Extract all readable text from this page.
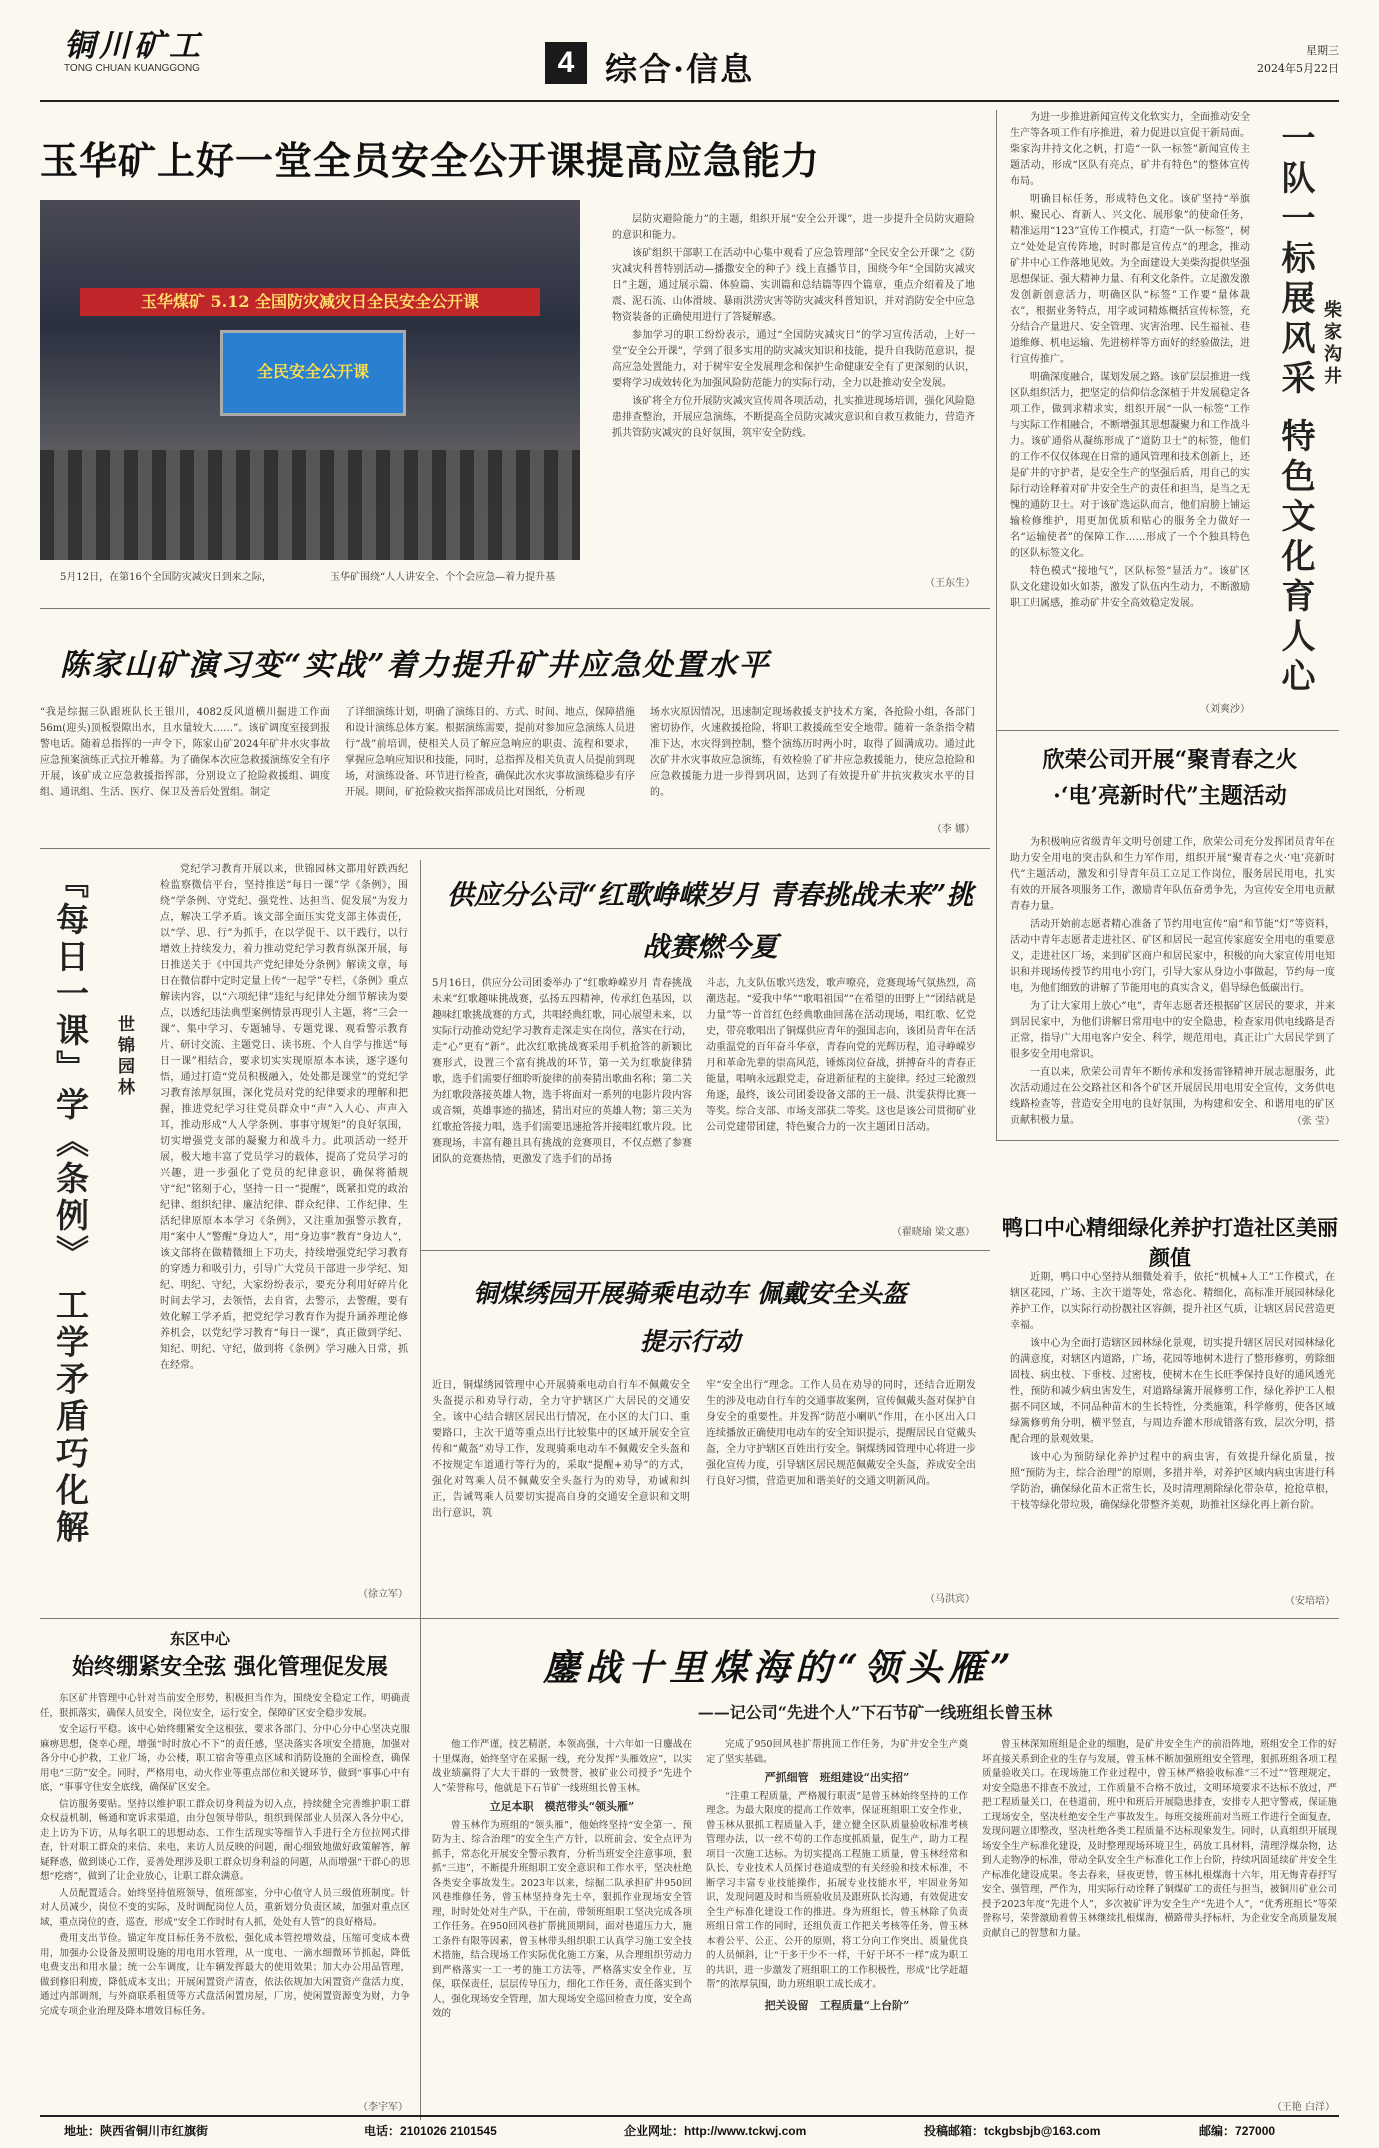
铜川矿工
TONG CHUAN KUANGGONG	4 综合·信息	星期三
2024年5月22日
玉华矿上好一堂全员安全公开课提高应急能力
玉华煤矿 5.12 全国防灾减灾日全民安全公开课
全民安全公开课
5月12日，在第16个全国防灾减灾日到来之际，	玉华矿围绕“人人讲安全、个个会应急—着力提升基

层防灾避险能力”的主题，组织开展“安全公开课”，进一步提升全员防灾避险的意识和能力。

该矿组织干部职工在活动中心集中观看了应急管理部“全民安全公开课”之《防灾减灾科普特别活动—播撒安全的种子》线上直播节目，围绕今年“全国防灾减灾日”主题，通过展示篇、体验篇、实训篇和总结篇等四个篇章，重点介绍着及了地震、泥石流、山体滑坡、暴雨洪涝灾害等防灾减灾科普知识，并对消防安全中应急物资装备的正确使用进行了答疑解惑。

参加学习的职工纷纷表示，通过“全国防灾减灾日”的学习宣传活动，上好一堂“安全公开课”，学到了很多实用的防灾减灾知识和技能，提升自我防范意识，提高应急处置能力，对于树牢安全发展理念和保护生命健康安全有了更深刻的认识，要将学习成效转化为加强风险防范能力的实际行动，全力以赴推动安全发展。

该矿将全方位开展防灾减灾宣传周各项活动，扎实推进现场培训，强化风险隐患排查整治，开展应急演练，不断提高全员防灾减灾意识和自救互救能力，营造齐抓共管防灾减灾的良好氛围，筑牢安全防线。

（王东生）

为进一步推进新闻宣传文化软实力，全面推动安全生产等各项工作有序推进，着力促进以宣促干新局面。柴家沟井持文化之帆，打造“一队一标签”新闻宣传主题活动，形成“区队有亮点，矿井有特色”的整体宣传布局。

明确目标任务，形成特色文化。该矿坚持“举旗帜、聚民心、育新人、兴文化、展形象”的使命任务，精准运用“123”宣传工作模式，打造“一队一标签”，树立“处处是宣传阵地，时时都是宣传点”的理念，推动矿井中心工作落地见效。为全面建设大美柴沟提供坚强思想保证、强大精神力量、有利文化条件。立足激发激发创新创意活力，明确区队“标签”工作要“量体裁衣”，根据业务特点，用字或词精炼概括宣传标签，充分结合产量进尺、安全管理、灾害治理、民生福祉、巷道维修、机电运输、先进榜样等方面好的经验做法，进行宣传推广。

明确深度融合，谋划发展之路。该矿层层推进一线区队组织活力，把坚定的信仰信念深植于井发展稳定各项工作，做到求精求实，组织开展“一队一标签”工作与实际工作相融合，不断增强其思想凝聚力和工作战斗力。该矿通俗从凝练形成了“道防卫士”的标签，他们的工作不仅仅体现在日常的通风管理和技术创新上，还是矿井的守护者，是安全生产的坚强后盾，用自己的实际行动诠释着对矿井安全生产的责任和担当，是当之无愧的通防卫士。对于该矿选运队而言，他们肩膀上铺运输检修维护，用更加优质和贴心的服务全力做好一名“运输使者”的保障工作……形成了一个个独具特色的区队标签文化。

特色模式“接地气”，区队标签“显活力”。该矿区队文化建设如火如荼，激发了队伍内生动力，不断激励职工归属感，推动矿井安全高效稳定发展。

（刘爽沙）
一队一标展风采 特色文化育人心 柴家沟井
陈家山矿演习变“实战”着力提升矿井应急处置水平
“我是综掘三队跟班队长王银川，4082反风道横川掘进工作面56m(迎头)顶板裂隙出水，且水量较大……”。该矿调度室接到报警电话。随着总指挥的一声令下，陈家山矿2024年矿井水灾事故应急预案演练正式拉开帷幕。为了确保本次应急救援演练安全有序开展，该矿成立应急救援指挥部，分别设立了抢险救援组、调度组、通讯组、生活、医疗、保卫及善后处置组。制定
了详细演练计划，明确了演练目的、方式、时间、地点，保障措施和设计演练总体方案。根据演练需要，提前对参加应急演练人员进行“战”前培训，使相关人员了解应急响应的职责、流程和要求，掌握应急响应知识和技能，同时，总指挥及相关负责人员提前到现场，对演练设备、环节进行检查，确保此次水灾事故演练稳步有序开展。期间，矿抢险救灾指挥部成员比对图纸，分析现
场水灾原因情况，迅速制定现场救援支护技术方案，各抢险小组，各部门密切协作，火速救援抢险，将职工救援疏至安全地带。随着一条条指令精准下达，水灾得到控制，整个演练历时两小时，取得了圆满成功。通过此次矿井水灾事故应急演练，有效检验了矿井应急救援能力，使应急抢险和应急救援能力进一步得到巩固，达到了有效提升矿井抗灾救灾水平的目的。
（李 娜）
欣荣公司开展“聚青春之火·‘电’亮新时代”主题活动

为积极响应省级青年文明号创建工作，欣荣公司充分发挥团员青年在助力安全用电的突击队和生力军作用，组织开展“聚青春之火·‘电’亮新时代”主题活动，激发和引导青年员工立足工作岗位，服务居民用电，扎实有效的开展各项服务工作，激励青年队伍奋勇争先，为宣传安全用电贡献青春力量。

活动开始前志愿者精心准备了节约用电宣传“扇”和节能“灯”等资料，活动中青年志愿者走进社区、矿区和居民一起宣传家庭安全用电的重要意义，走进社区厂场，来到矿区商户和居民家中，积极的向大家宣传用电知识和并现场传授节约用电小窍门，引导大家从身边小事做起，节约每一度电，为他们细致的讲解了节能用电的真实含义，倡导绿色低碳出行。

为了让大家用上放心”电”，青年志愿者还根据矿区居民的要求，并来到居民家中，为他们讲解日常用电中的安全隐患，检查家用供电线路是否正常，指导广大用电客户安全、科学，规范用电，真正让广大居民学到了很多安全用电常识。

一直以来，欣荣公司青年不断传承和发扬雷锋精神开展志愿服务，此次活动通过在公交路社区和各个矿区开展居民用电用安全宣传，文务供电线路检查等，营造安全用电的良好氛围，为构建和安全、和谐用电的矿区贡献积极力量。	（张 莹）
『每日一课』学《条例》 工学矛盾巧化解 世锦园林
党纪学习教育开展以来，世锦园林文都用好跌西纪检监察微信平台，坚持推送“每日一课”学《条例》，围绕“学条例、守党纪、强党性、达担当、促发展”为发力点，解决工学矛盾。该文部全面压实党支部主体责任，以“学、思、行”为抓手，在以学促干、以干践行，以行增效上持续发力，着力推动党纪学习教育纵深开展，每日推送关于《中国共产党纪律处分条例》解读文章，每日在微信群中定时定量上传“一起学”专栏，《条例》重点解读内容，以“六项纪律”违纪与纪律处分细节解读为要点，以透纪违法典型案例情景再现引人主题，将“三会一课”、集中学习、专题辅导、专题党课、观看警示教育片、研讨交流、主题党日、读书班、个人自学与推送“每日一课”相结合，要求切实实现原原本本读，逐字逐句悟，通过打造“党员积极融入，处处都是课堂”的党纪学习教育浓厚氛围，深化党员对党的纪律要求的理解和把握，推进党纪学习往党员群众中“声”入人心、声声入耳，推动形成“人人学条例、事事守规矩”的良好氛围，切实增强党支部的凝聚力和战斗力。此项活动一经开展，极大地丰富了党员学习的载体，提高了党员学习的兴趣，进一步强化了党员的纪律意识，确保将循规守“纪”铭刻于心，坚持一日一“提醒”，既紧扣党的政治纪律、组织纪律、廉洁纪律、群众纪律、工作纪律、生活纪律原原本本学习《条例》，又注重加强警示教育，用“案中人”警醒“身边人”，用“身边事”教育“身边人”，该文部将在做精微细上下功夫，持续增强党纪学习教育的穿透力和吸引力，引导广大党员干部进一步学纪、知纪、明纪、守纪，大家纷纷表示，要充分利用好碎片化时间去学习，去领悟，去自省，去警示，去警醒，要有效化解工学矛盾，把党纪学习教育作为提升涵养理论修养机会，以党纪学习教育“每日一课”，真正做到学纪、知纪、明纪、守纪，做到将《条例》学习融入日常，抓在经常。
（徐立军）
供应分公司“红歌峥嵘岁月 青春挑战未来”挑战赛燃今夏
5月16日，供应分公司团委举办了“红歌峥嵘岁月 青春挑战未来”红歌趣味挑战赛，弘扬五四精神，传承红色基因，以趣味红歌挑战赛的方式，共唱经典红歌，同心展望未来，以实际行动推动党纪学习教育走深走实在岗位，落实在行动，走“心”更有“新”。此次红歌挑战赛采用手机抢答的新颖比赛形式，设置三个富有挑战的环节，第一关为红歌旋律猜歌，选手们需要仔细聆听旋律的前奏猜出歌曲名称；第二关为红歌段落接英雄人物，选手将面对一系列的电影片段内容或音频，英雄事迹的描述，猜出对应的英雄人物；第三关为红歌抢答接力唱，选手们需要迅速抢答并接唱红歌片段。比赛现场，丰富有趣且具有挑战的竞赛项目，不仅点燃了参赛团队的竞赛热情，更激发了选手们的昂扬
斗志，九支队伍歌兴迭发，歌声嘹亮，竞赛现场气氛热烈，高潮迭起。“爱我中华”“歌唱祖国”“在希望的田野上”“团结就是力量”等一首首红色经典歌曲回荡在活动现场，唱红歌、忆党史，带亮歌唱出了铜煤供应青年的强国志向，该团员青年在活动重温党的百年奋斗华章，青春向党的光辉历程，追寻峥嵘岁月和革命先辈的崇高风范，锤炼岗位奋战，拼搏奋斗的青春正能量，唱响永远跟党走，奋进新征程的主旋律。经过三轮激烈角逐，最终，该公司团委设备文部的王一晨、洪雯获得比赛一等奖。综合支部、市场支部获二等奖。这也是该公司贯彻矿业公司党建带团建，特色聚合力的一次主题团日活动。
（翟晓瑜 梁文惠）
铜煤绣园开展骑乘电动车 佩戴安全头盔提示行动
近日，铜煤绣园管理中心开展骑乘电动自行车不佩戴安全头盔提示和劝导行动，全力守护辖区广大居民的交通安全。该中心结合辖区居民出行情况，在小区的大门口、重要路口，主次干道等重点出行比较集中的区域开展安全宣传和“戴盔”劝导工作，发现骑乘电动车不佩戴安全头盔和不按规定车道通行等行为的，采取“提醒+劝导”的方式，强化对驾乘人员不佩戴安全头盔行为的劝导，劝诫和纠正，告诫驾乘人员要切实提高自身的交通安全意识和文明出行意识，筑
牢“安全出行”理念。工作人员在劝导的同时，还结合近期发生的涉及电动自行车的交通事故案例，宣传佩戴头盔对保护自身安全的重要性。并发挥“防范小喇叭”作用，在小区出入口连续播放正确使用电动车的安全知识提示，提醒居民自觉戴头盔，全力守护辖区百姓出行安全。铜煤绣园管理中心将进一步强化宣传力度，引导辖区居民规范佩戴安全头盔，养成安全出行良好习惯，营造更加和谐美好的交通文明新风尚。
（马洪宾）
鸭口中心精细绿化养护打造社区美丽颜值

近期，鸭口中心坚持从细微处着手，依托“机械+人工”工作模式，在辖区花园，广场、主次干道等处，常态化、精细化，高标准开展园林绿化养护工作，以实际行动扮靓社区容颜，提升社区气质，让辖区居民营造更幸福。

该中心为全面打造辖区园林绿化景观，切实提升辖区居民对园林绿化的满意度，对辖区内道路，广场，花园等地树木进行了整形修剪，剪除细固枝、病虫枝、下垂枝、过密枝，使树木在生长旺季保持良好的通风透光性，预防和减少病虫害发生，对道路绿篱开展修剪工作，绿化养护工人根据不同区域，不同品种苗木的生长特性，分类施策，科学修剪，使各区域绿篱修剪角分明，横平竖直，与周边乔灌木形成错落有致，层次分明，搭配合理的景观效果。

该中心为预防绿化养护过程中的病虫害，有效提升绿化质量，按照“预防为主，综合治理”的原则，多措并举，对养护区域内病虫害进行科学防治，确保绿化苗木正常生长，及时清理割除绿化带杂草，抢抢草根，干枝等绿化带垃圾，确保绿化带整齐美观，助推社区绿化再上新台阶。

（安培培）
东区中心
始终绷紧安全弦 强化管理促发展

东区矿井管理中心针对当前安全形势，积极担当作为，围绕安全稳定工作，明确责任，狠抓落实，确保人员安全，岗位安全，运行安全，保障矿区安全稳步发展。

安全运行平稳。该中心始终绷紧安全这根弦，要求各部门、分中心分中心坚决克服麻痹思想，侥幸心理，增强“时时放心不下”的责任感，坚决落实各项安全措施，加强对各分中心护救，工业厂场，办公楼，职工宿舍等重点区域和消防设施的全面检查，确保用电“三防”安全。同时，严格用电，动火作业等重点部位和关键环节，做到“事事心中有底，“事事守住安全底线，确保矿区安全。

信访服务要贴。坚持以维护职工群众切身利益为切入点，持续健全完善维护职工群众权益机制，畅通和宽诉求渠道，由分包领导带队，组织到保部业人员深入各分中心，走上访为下访，从每名职工的思想动态、工作生活现实等细节入手进行全方位拉网式排查，针对职工群众的来信、来电，来访人员反映的问题，耐心细致地做好政策解答，解疑释惑，做到谈心工作，妥善处理涉及职工群众切身利益的问题，从而增强“干群心的思想“疙瘩”，做到了让企业放心，让职工群众满意。

人员配置适合。始终坚持值班领导，值班部室，分中心值守人员三级值班制度。针对人员减少，岗位不变的实际，及时调配岗位人员，重新划分负责区域，加强对重点区域，重点岗位的查，巡查，形成“安全工作时时有人抓，处处有人管”的良好格局。

费用支出节俭。锚定年度目标任务不放松，强化成本管控增效益，压缩可变成本费用，加强办公设备及照明设施的用电用水管理，从一度电、一滴水细微环节抓起，降低电费支出和用水量；统一公车调度，让车辆发挥最大的使用效果；加大办公用品管理，做到修旧利废，降低成本支出；开展闲置资产清查，依法依规加大闲置资产盘活力度，通过内部调剂，与外商联系租赁等方式盘活闲置房屋，厂房，使闲置资源变为财，力争完成专项企业治理及降本增效目标任务。

（李宇军）
鏖战十里煤海的“领头雁”
——记公司“先进个人”下石节矿一线班组长曾玉林

他工作严谨，技艺精湛，本领高强，十六年如一日鏖战在十里煤海，始终坚守在采掘一线，充分发挥“头雁效应”，以实战业绩赢得了大大干群的一致赞誉，被矿业公司授予“先进个人”荣誉称号，他就是下石节矿一线班组长曾玉林。

立足本职　模范带头“领头雁”

曾玉林作为班组的“领头雁”，他始终坚持“安全第一、预防为主、综合治理”的安全生产方针，以班前会、安全点评为抓手，常态化开展安全警示教育，分析当班安全注意事项，狠抓“三违”，不断提升班组职工安全意识和工作水平，坚决杜绝各类安全事故发生。2023年以来，综掘二队承担矿井950回风巷维修任务，曾玉林坚持身先士卒，狠抓作业现场安全管理，时时处处对生产队，干在前，带领班组职工坚决完成各项工作任务。在950回风巷扩帮挑顶期间，面对巷道压力大，施工条件有限等因素，曾玉林带头组织职工认真学习施工安全技术措施，结合现场工作实际优化施工方案，从合理组织劳动力到严格落实一工一考的施工方法等，严格落实安全作业，互保，联保责任，层层传导压力，细化工作任务，责任落实到个人，强化现场安全管理，加大现场安全巡回检查力度，安全高效的

完成了950回风巷扩帮挑顶工作任务，为矿井安全生产奠定了坚实基础。

严抓细管　班组建设“出实招”

“注重工程质量，严格履行职责”是曾玉林始终坚持的工作理念。为最大限度的提高工作效率，保证班组职工安全作业，曾玉林从狠抓工程质量入手，建立健全区队质量验收标准考核管理办法，以一丝不苟的工作态度抓质量，促生产，助力工程项目一次施工达标。为切实提高工程施工质量，曾玉林经常和队长、专业技术人员探讨巷道成型的有关经验和技术标准，不断学习丰富专业技能操作，拓展专业技能水平，牢固业务知识，发现问题及时和当班验收员及跟班队长沟通，有效促进安全生产标准化建设工作的推进。身为班组长，曾玉林除了负责班组日常工作的同时，还组负责工作把关考核等任务，曾玉林本着公平、公正、公开的原则，将工分向工作突出、质量优良的人员倾斜，让“干多干少不一样，干好干坏不一样”成为职工的共识，进一步激发了班组职工的工作积极性，形成“比学赶超帮”的浓厚氛围，助力班组职工成长成才。

把关设留　工程质量“上台阶”

曾玉林深知班组是企业的细胞，是矿井安全生产的前沿阵地，班组安全工作的好坏直接关系到企业的生存与发展，曾玉林不断加强班组安全管理，狠抓班组各项工程质量验收关口。在现场施工作业过程中，曾玉林严格验收标准“三不过”“管理规定，对安全隐患不排查不放过，工作质量不合格不放过，文明环境要求不达标不放过，严把工程质量关口，在巷道前，班中和班后开展隐患排查，安排专人把守警戒，保证施工现场安全，坚决杜绝安全生产事故发生。每班交接班前对当班工作进行全面复查，发现问题立即整改，坚决杜绝各类工程质量不达标现象发生。同时，认真组织开展现场安全生产标准化建设，及时整理现场环境卫生，码放工具材料，清理浮煤杂物，达到人走物净的标准，带动全队安全生产标准化工作上台阶，持续巩固延续矿井安全生产标准化建设成果。冬去春来，昼夜更替，曾玉林扎根煤海十六年，用无悔青春抒写安全、强管理，严作为，用实际行动诠释了铜煤矿工的责任与担当，被铜川矿业公司授予2023年度“先进个人”，多次被矿评为安全生产“先进个人”，“优秀班组长”等荣誉称号，荣誉激励着曾玉林继续扎根煤海，横路带头抒标杆，为企业安全高质量发展贡献自己的智慧和力量。

（王艳 白洋）
地址：陕西省铜川市红旗街	电话：2101026 2101545	企业网址：http://www.tckwj.com	投稿邮箱：tckgbsbjb@163.com	邮编：727000
